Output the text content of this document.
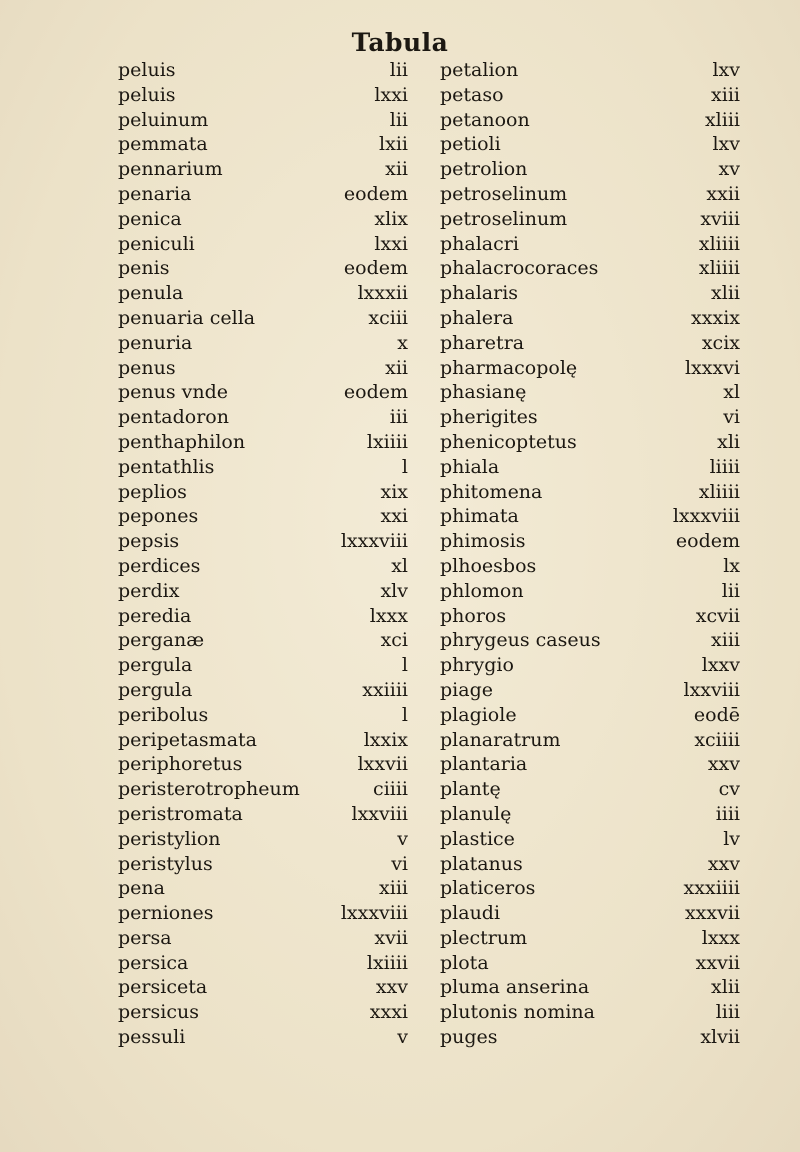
Tabula
peluis	lii
peluis	lxxi
peluinum	lii
pemmata	lxii
pennarium	xii
penaria	eodem
penica	xlix
peniculi	lxxi
penis	eodem
penula	lxxxii
penuaria cella	xciii
penuria	x
penus	xii
penus vnde	eodem
pentadoron	iii
penthaphilon	lxiiii
pentathlis	l
peplios	xix
pepones	xxi
pepsis	lxxxviii
perdices	xl
perdix	xlv
peredia	lxxx
perganæ	xci
pergula	l
pergula	xxiiii
peribolus	l
peripetasmata	lxxix
periphoretus	lxxvii
peristerotropheum	ciiii
peristromata	lxxviii
peristylion	v
peristylus	vi
pena	xiii
perniones	lxxxviii
persa	xvii
persica	lxiiii
persiceta	xxv
persicus	xxxi
pessuli	v
petalion	lxv
petaso	xiii
petanoon	xliii
petioli	lxv
petrolion	xv
petroselinum	xxii
petroselinum	xviii
phalacri	xliiii
phalacrocoraces	xliiii
phalaris	xlii
phalera	xxxix
pharetra	xcix
pharmacopolę	lxxxvi
phasianę	xl
pherigites	vi
phenicoptetus	xli
phiala	liiii
phitomena	xliiii
phimata	lxxxviii
phimosis	eodem
plhoesbos	lx
phlomon	lii
phoros	xcvii
phrygeus caseus	xiii
phrygio	lxxv
piage	lxxviii
plagiole	eodē
planaratrum	xciiii
plantaria	xxv
plantę	cv
planulę	iiii
plastice	lv
platanus	xxv
platiceros	xxxiiii
plaudi	xxxvii
plectrum	lxxx
plota	xxvii
pluma anserina	xlii
plutonis nomina	liii
puges	xlvii
